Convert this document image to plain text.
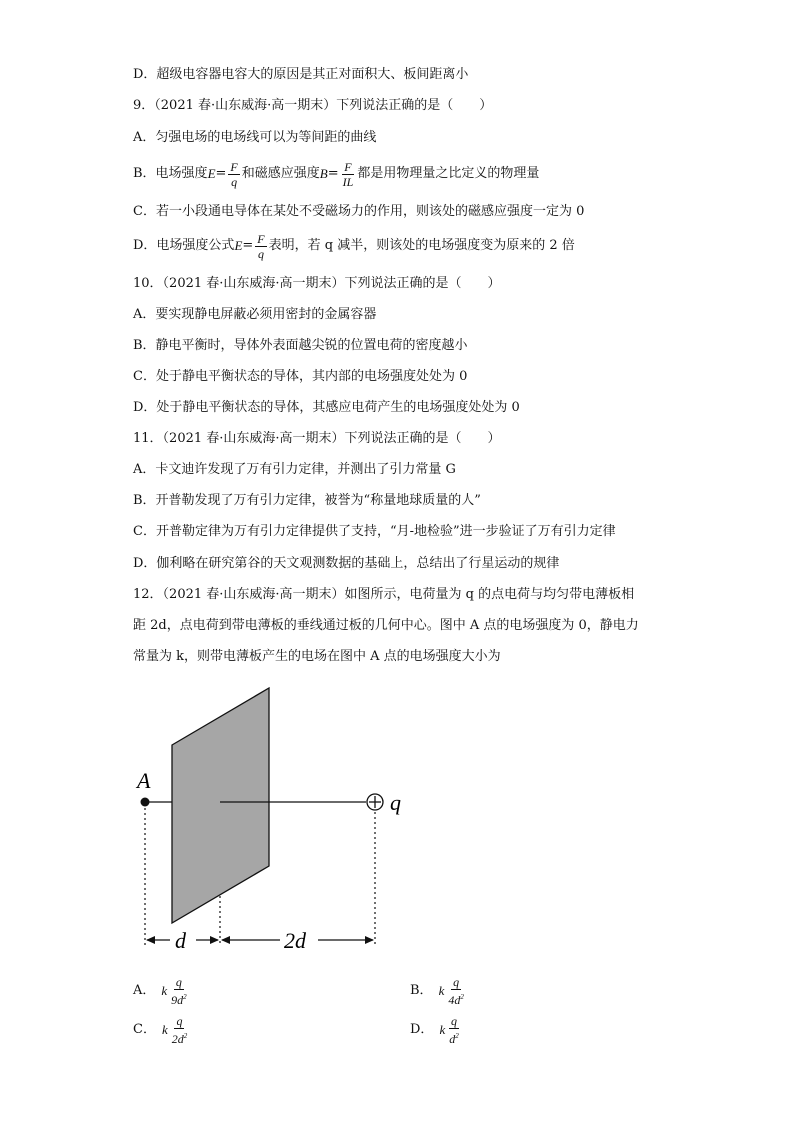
D．超级电容器电容大的原因是其正对面积大、板间距离小
9．（2021 春·山东威海·高一期末）下列说法正确的是（　　）
A．匀强电场的电场线可以为等间距的曲线
B．电场强度 $E = \frac{F}{q}$ 和磁感应强度 $B = \frac{F}{IL}$ 都是用物理量之比定义的物理量
C．若一小段通电导体在某处不受磁场力的作用，则该处的磁感应强度一定为 0
D．电场强度公式 $E = \frac{F}{q}$ 表明，若 q 减半，则该处的电场强度变为原来的 2 倍
10．（2021 春·山东威海·高一期末）下列说法正确的是（　　）
A．要实现静电屏蔽必须用密封的金属容器
B．静电平衡时，导体外表面越尖锐的位置电荷的密度越小
C．处于静电平衡状态的导体，其内部的电场强度处处为 0
D．处于静电平衡状态的导体，其感应电荷产生的电场强度处处为 0
11．（2021 春·山东威海·高一期末）下列说法正确的是（　　）
A．卡文迪许发现了万有引力定律，并测出了引力常量 G
B．开普勒发现了万有引力定律，被誉为“称量地球质量的人”
C．开普勒定律为万有引力定律提供了支持，“月-地检验”进一步验证了万有引力定律
D．伽利略在研究第谷的天文观测数据的基础上，总结出了行星运动的规律
12．（2021 春·山东威海·高一期末）如图所示，电荷量为 q 的点电荷与均匀带电薄板相
距 2d，点电荷到带电薄板的垂线通过板的几何中心。图中 A 点的电场强度为 0，静电力
常量为 k，则带电薄板产生的电场在图中 A 点的电场强度大小为
A
q
d	2d
A． k $\frac{q}{9d^2}$	B． k $\frac{q}{4d^2}$
C． k $\frac{q}{2d^2}$	D． k $\frac{q}{d^2}$
